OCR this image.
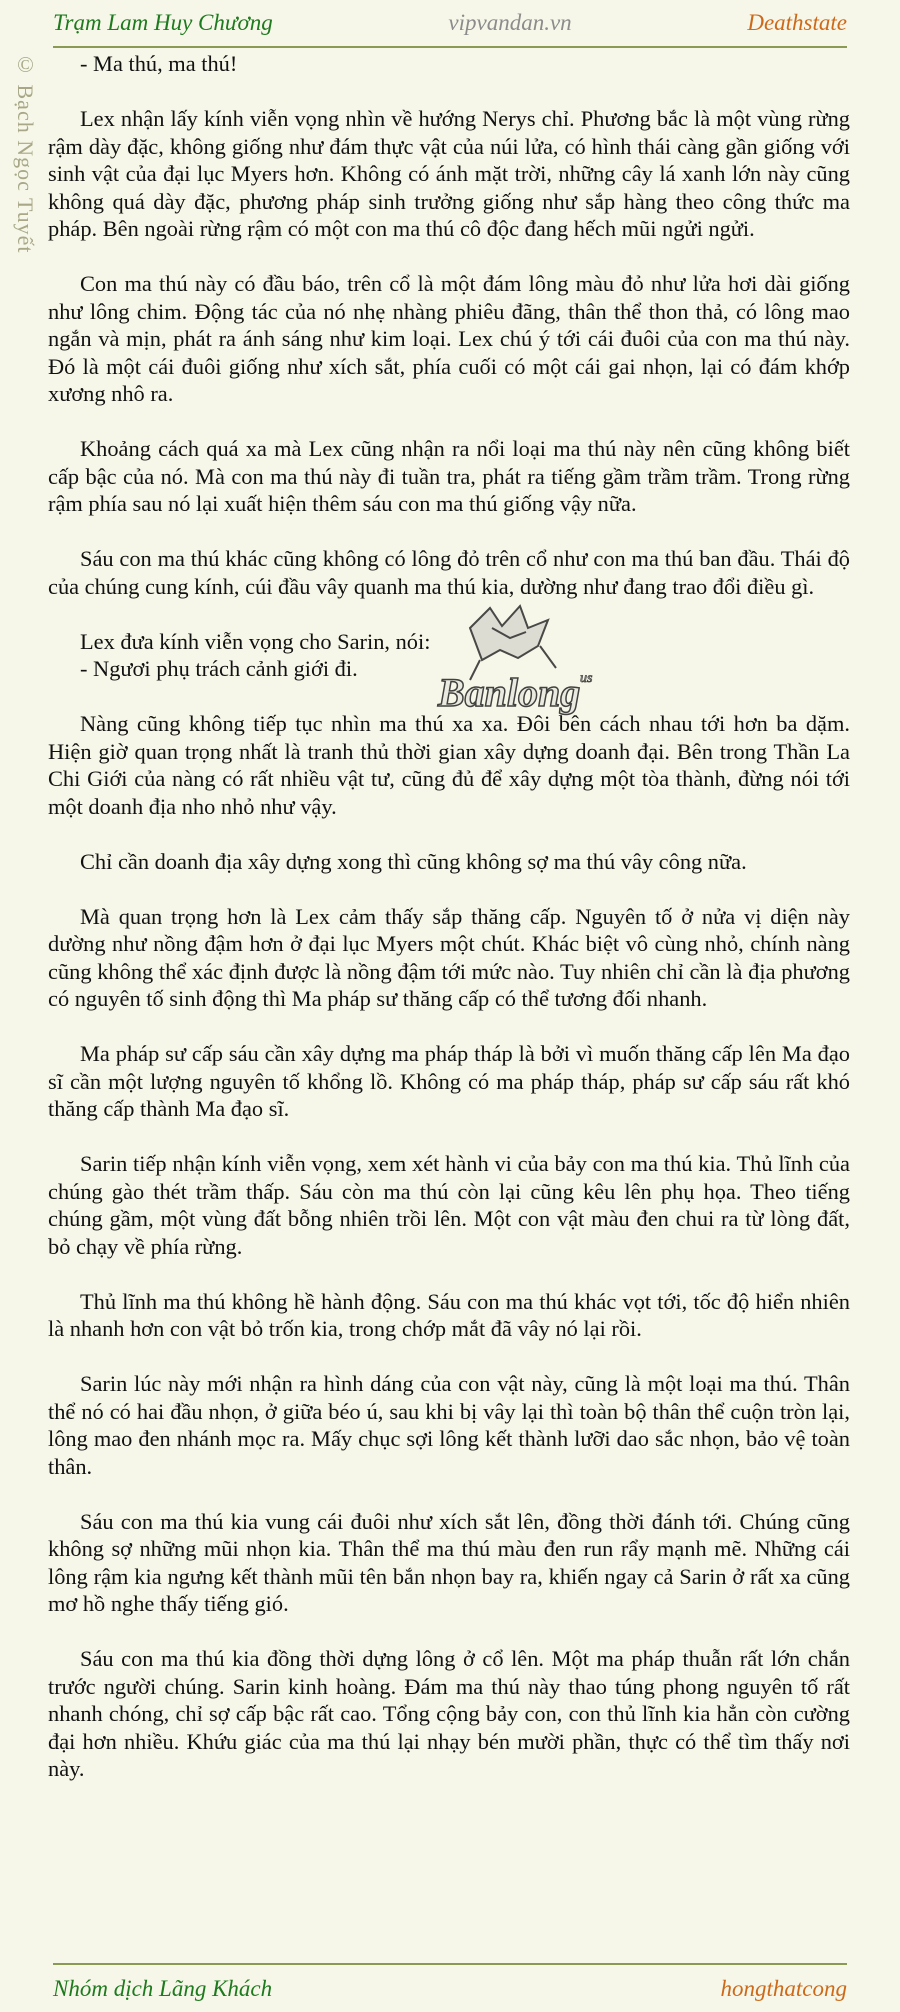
Trạm Lam Huy Chương	vipvandan.vn	Deathstate
© Bạch Ngọc Tuyết	- Ma thú, ma thú!

Lex nhận lấy kính viễn vọng nhìn về hướng Nerys chỉ. Phương bắc là một vùng rừng rậm dày đặc, không giống như đám thực vật của núi lửa, có hình thái càng gần giống với sinh vật của đại lục Myers hơn. Không có ánh mặt trời, những cây lá xanh lớn này cũng không quá dày đặc, phương pháp sinh trưởng giống như sắp hàng theo công thức ma pháp. Bên ngoài rừng rậm có một con ma thú cô độc đang hếch mũi ngửi ngửi.

Con ma thú này có đầu báo, trên cổ là một đám lông màu đỏ như lửa hơi dài giống như lông chim. Động tác của nó nhẹ nhàng phiêu đãng, thân thể thon thả, có lông mao ngắn và mịn, phát ra ánh sáng như kim loại. Lex chú ý tới cái đuôi của con ma thú này. Đó là một cái đuôi giống như xích sắt, phía cuối có một cái gai nhọn, lại có đám khớp xương nhô ra.

Khoảng cách quá xa mà Lex cũng nhận ra nổi loại ma thú này nên cũng không biết cấp bậc của nó. Mà con ma thú này đi tuần tra, phát ra tiếng gầm trầm trầm. Trong rừng rậm phía sau nó lại xuất hiện thêm sáu con ma thú giống vậy nữa.

Sáu con ma thú khác cũng không có lông đỏ trên cổ như con ma thú ban đầu. Thái độ của chúng cung kính, cúi đầu vây quanh ma thú kia, dường như đang trao đổi điều gì.

Lex đưa kính viễn vọng cho Sarin, nói:

- Ngươi phụ trách cảnh giới đi.

Nàng cũng không tiếp tục nhìn ma thú xa xa. Đôi bên cách nhau tới hơn ba dặm. Hiện giờ quan trọng nhất là tranh thủ thời gian xây dựng doanh đại. Bên trong Thần La Chi Giới của nàng có rất nhiều vật tư, cũng đủ để xây dựng một tòa thành, đừng nói tới một doanh địa nho nhỏ như vậy.

Chỉ cần doanh địa xây dựng xong thì cũng không sợ ma thú vây công nữa.

Mà quan trọng hơn là Lex cảm thấy sắp thăng cấp. Nguyên tố ở nửa vị diện này dường như nồng đậm hơn ở đại lục Myers một chút. Khác biệt vô cùng nhỏ, chính nàng cũng không thể xác định được là nồng đậm tới mức nào. Tuy nhiên chỉ cần là địa phương có nguyên tố sinh động thì Ma pháp sư thăng cấp có thể tương đối nhanh.

Ma pháp sư cấp sáu cần xây dựng ma pháp tháp là bởi vì muốn thăng cấp lên Ma đạo sĩ cần một lượng nguyên tố khổng lồ. Không có ma pháp tháp, pháp sư cấp sáu rất khó thăng cấp thành Ma đạo sĩ.

Sarin tiếp nhận kính viễn vọng, xem xét hành vi của bảy con ma thú kia. Thủ lĩnh của chúng gào thét trầm thấp. Sáu còn ma thú còn lại cũng kêu lên phụ họa. Theo tiếng chúng gầm, một vùng đất bỗng nhiên trồi lên. Một con vật màu đen chui ra từ lòng đất, bỏ chạy về phía rừng.

Thủ lĩnh ma thú không hề hành động. Sáu con ma thú khác vọt tới, tốc độ hiển nhiên là nhanh hơn con vật bỏ trốn kia, trong chớp mắt đã vây nó lại rồi.

Sarin lúc này mới nhận ra hình dáng của con vật này, cũng là một loại ma thú. Thân thể nó có hai đầu nhọn, ở giữa béo ú, sau khi bị vây lại thì toàn bộ thân thể cuộn tròn lại, lông mao đen nhánh mọc ra. Mấy chục sợi lông kết thành lưỡi dao sắc nhọn, bảo vệ toàn thân.

Sáu con ma thú kia vung cái đuôi như xích sắt lên, đồng thời đánh tới. Chúng cũng không sợ những mũi nhọn kia. Thân thể ma thú màu đen run rẩy mạnh mẽ. Những cái lông rậm kia ngưng kết thành mũi tên bắn nhọn bay ra, khiến ngay cả Sarin ở rất xa cũng mơ hồ nghe thấy tiếng gió.

Sáu con ma thú kia đồng thời dựng lông ở cổ lên. Một ma pháp thuẫn rất lớn chắn trước người chúng. Sarin kinh hoàng. Đám ma thú này thao túng phong nguyên tố rất nhanh chóng, chỉ sợ cấp bậc rất cao. Tổng cộng bảy con, con thủ lĩnh kia hẳn còn cường đại hơn nhiều. Khứu giác của ma thú lại nhạy bén mười phần, thực có thể tìm thấy nơi này.

Banlong us
Nhóm dịch Lãng Khách	hongthatcong
